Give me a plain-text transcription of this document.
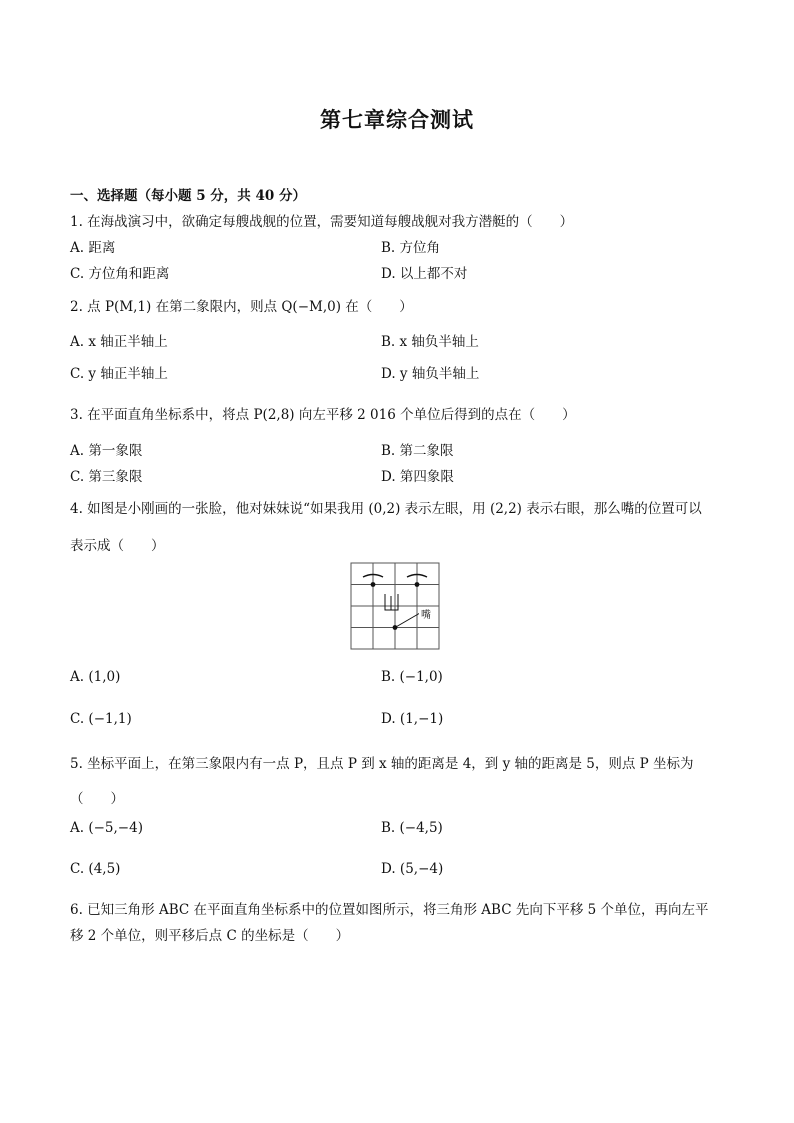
第七章综合测试
一、选择题（每小题 5 分，共 40 分）
1. 在海战演习中，欲确定每艘战舰的位置，需要知道每艘战舰对我方潜艇的（　　）
A. 距离	B. 方位角
C. 方位角和距离	D. 以上都不对
2. 点 P(M,1) 在第二象限内，则点 Q(−M,0) 在（　　）
A. x 轴正半轴上	B. x 轴负半轴上
C. y 轴正半轴上	D. y 轴负半轴上
3. 在平面直角坐标系中，将点 P(2,8) 向左平移 2 016 个单位后得到的点在（　　）
A. 第一象限	B. 第二象限
C. 第三象限	D. 第四象限
4. 如图是小刚画的一张脸，他对妹妹说“如果我用 (0,2) 表示左眼，用 (2,2) 表示右眼，那么嘴的位置可以
表示成（　　）
嘴
A. (1,0)	B. (−1,0)
C. (−1,1)	D. (1,−1)
5. 坐标平面上，在第三象限内有一点 P，且点 P 到 x 轴的距离是 4，到 y 轴的距离是 5，则点 P 坐标为
（　　）
A. (−5,−4)	B. (−4,5)
C. (4,5)	D. (5,−4)
6. 已知三角形 ABC 在平面直角坐标系中的位置如图所示，将三角形 ABC 先向下平移 5 个单位，再向左平
移 2 个单位，则平移后点 C 的坐标是（　　）
